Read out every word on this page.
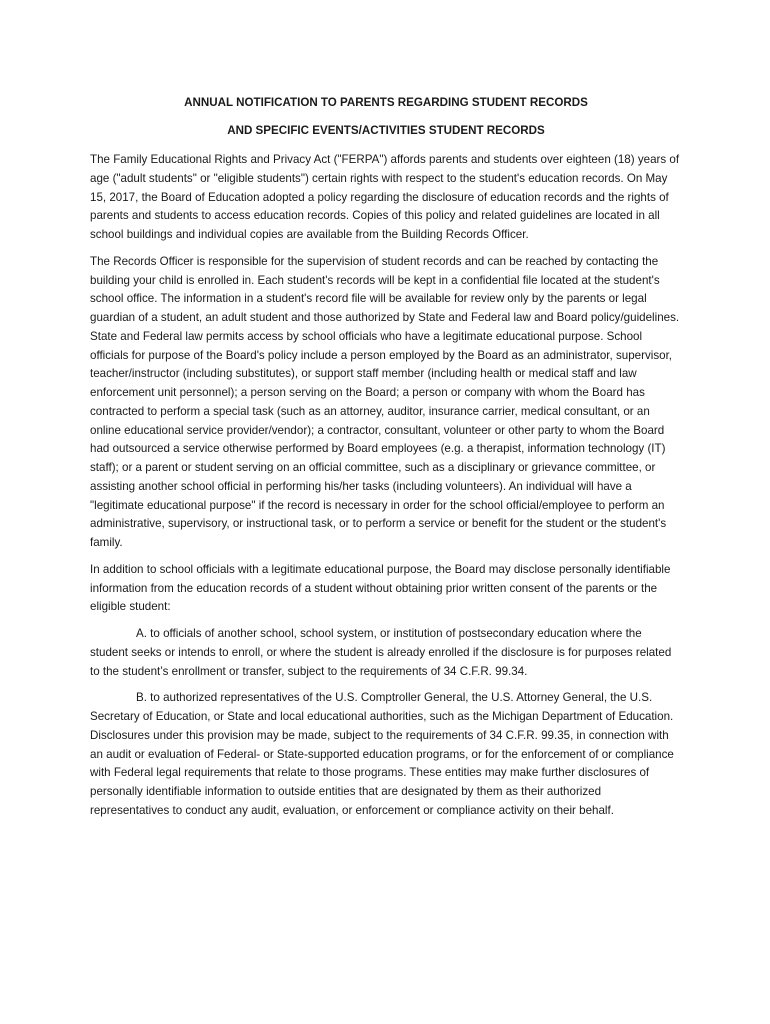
ANNUAL NOTIFICATION TO PARENTS REGARDING STUDENT RECORDS

AND SPECIFIC EVENTS/ACTIVITIES STUDENT RECORDS

The Family Educational Rights and Privacy Act ("FERPA") affords parents and students over eighteen (18) years of age ("adult students" or "eligible students") certain rights with respect to the student's education records. On May 15, 2017, the Board of Education adopted a policy regarding the disclosure of education records and the rights of parents and students to access education records. Copies of this policy and related guidelines are located in all school buildings and individual copies are available from the Building Records Officer.

The Records Officer is responsible for the supervision of student records and can be reached by contacting the building your child is enrolled in. Each student's records will be kept in a confidential file located at the student's school office. The information in a student's record file will be available for review only by the parents or legal guardian of a student, an adult student and those authorized by State and Federal law and Board policy/guidelines. State and Federal law permits access by school officials who have a legitimate educational purpose. School officials for purpose of the Board's policy include a person employed by the Board as an administrator, supervisor, teacher/instructor (including substitutes), or support staff member (including health or medical staff and law enforcement unit personnel); a person serving on the Board; a person or company with whom the Board has contracted to perform a special task (such as an attorney, auditor, insurance carrier, medical consultant, or an online educational service provider/vendor); a contractor, consultant, volunteer or other party to whom the Board had outsourced a service otherwise performed by Board employees (e.g. a therapist, information technology (IT) staff); or a parent or student serving on an official committee, such as a disciplinary or grievance committee, or assisting another school official in performing his/her tasks (including volunteers). An individual will have a "legitimate educational purpose" if the record is necessary in order for the school official/employee to perform an administrative, supervisory, or instructional task, or to perform a service or benefit for the student or the student's family.

In addition to school officials with a legitimate educational purpose, the Board may disclose personally identifiable information from the education records of a student without obtaining prior written consent of the parents or the eligible student:

A. to officials of another school, school system, or institution of postsecondary education where the student seeks or intends to enroll, or where the student is already enrolled if the disclosure is for purposes related to the student’s enrollment or transfer, subject to the requirements of 34 C.F.R. 99.34.

B. to authorized representatives of the U.S. Comptroller General, the U.S. Attorney General, the U.S. Secretary of Education, or State and local educational authorities, such as the Michigan Department of Education. Disclosures under this provision may be made, subject to the requirements of 34 C.F.R. 99.35, in connection with an audit or evaluation of Federal- or State-supported education programs, or for the enforcement of or compliance with Federal legal requirements that relate to those programs. These entities may make further disclosures of personally identifiable information to outside entities that are designated by them as their authorized representatives to conduct any audit, evaluation, or enforcement or compliance activity on their behalf.
